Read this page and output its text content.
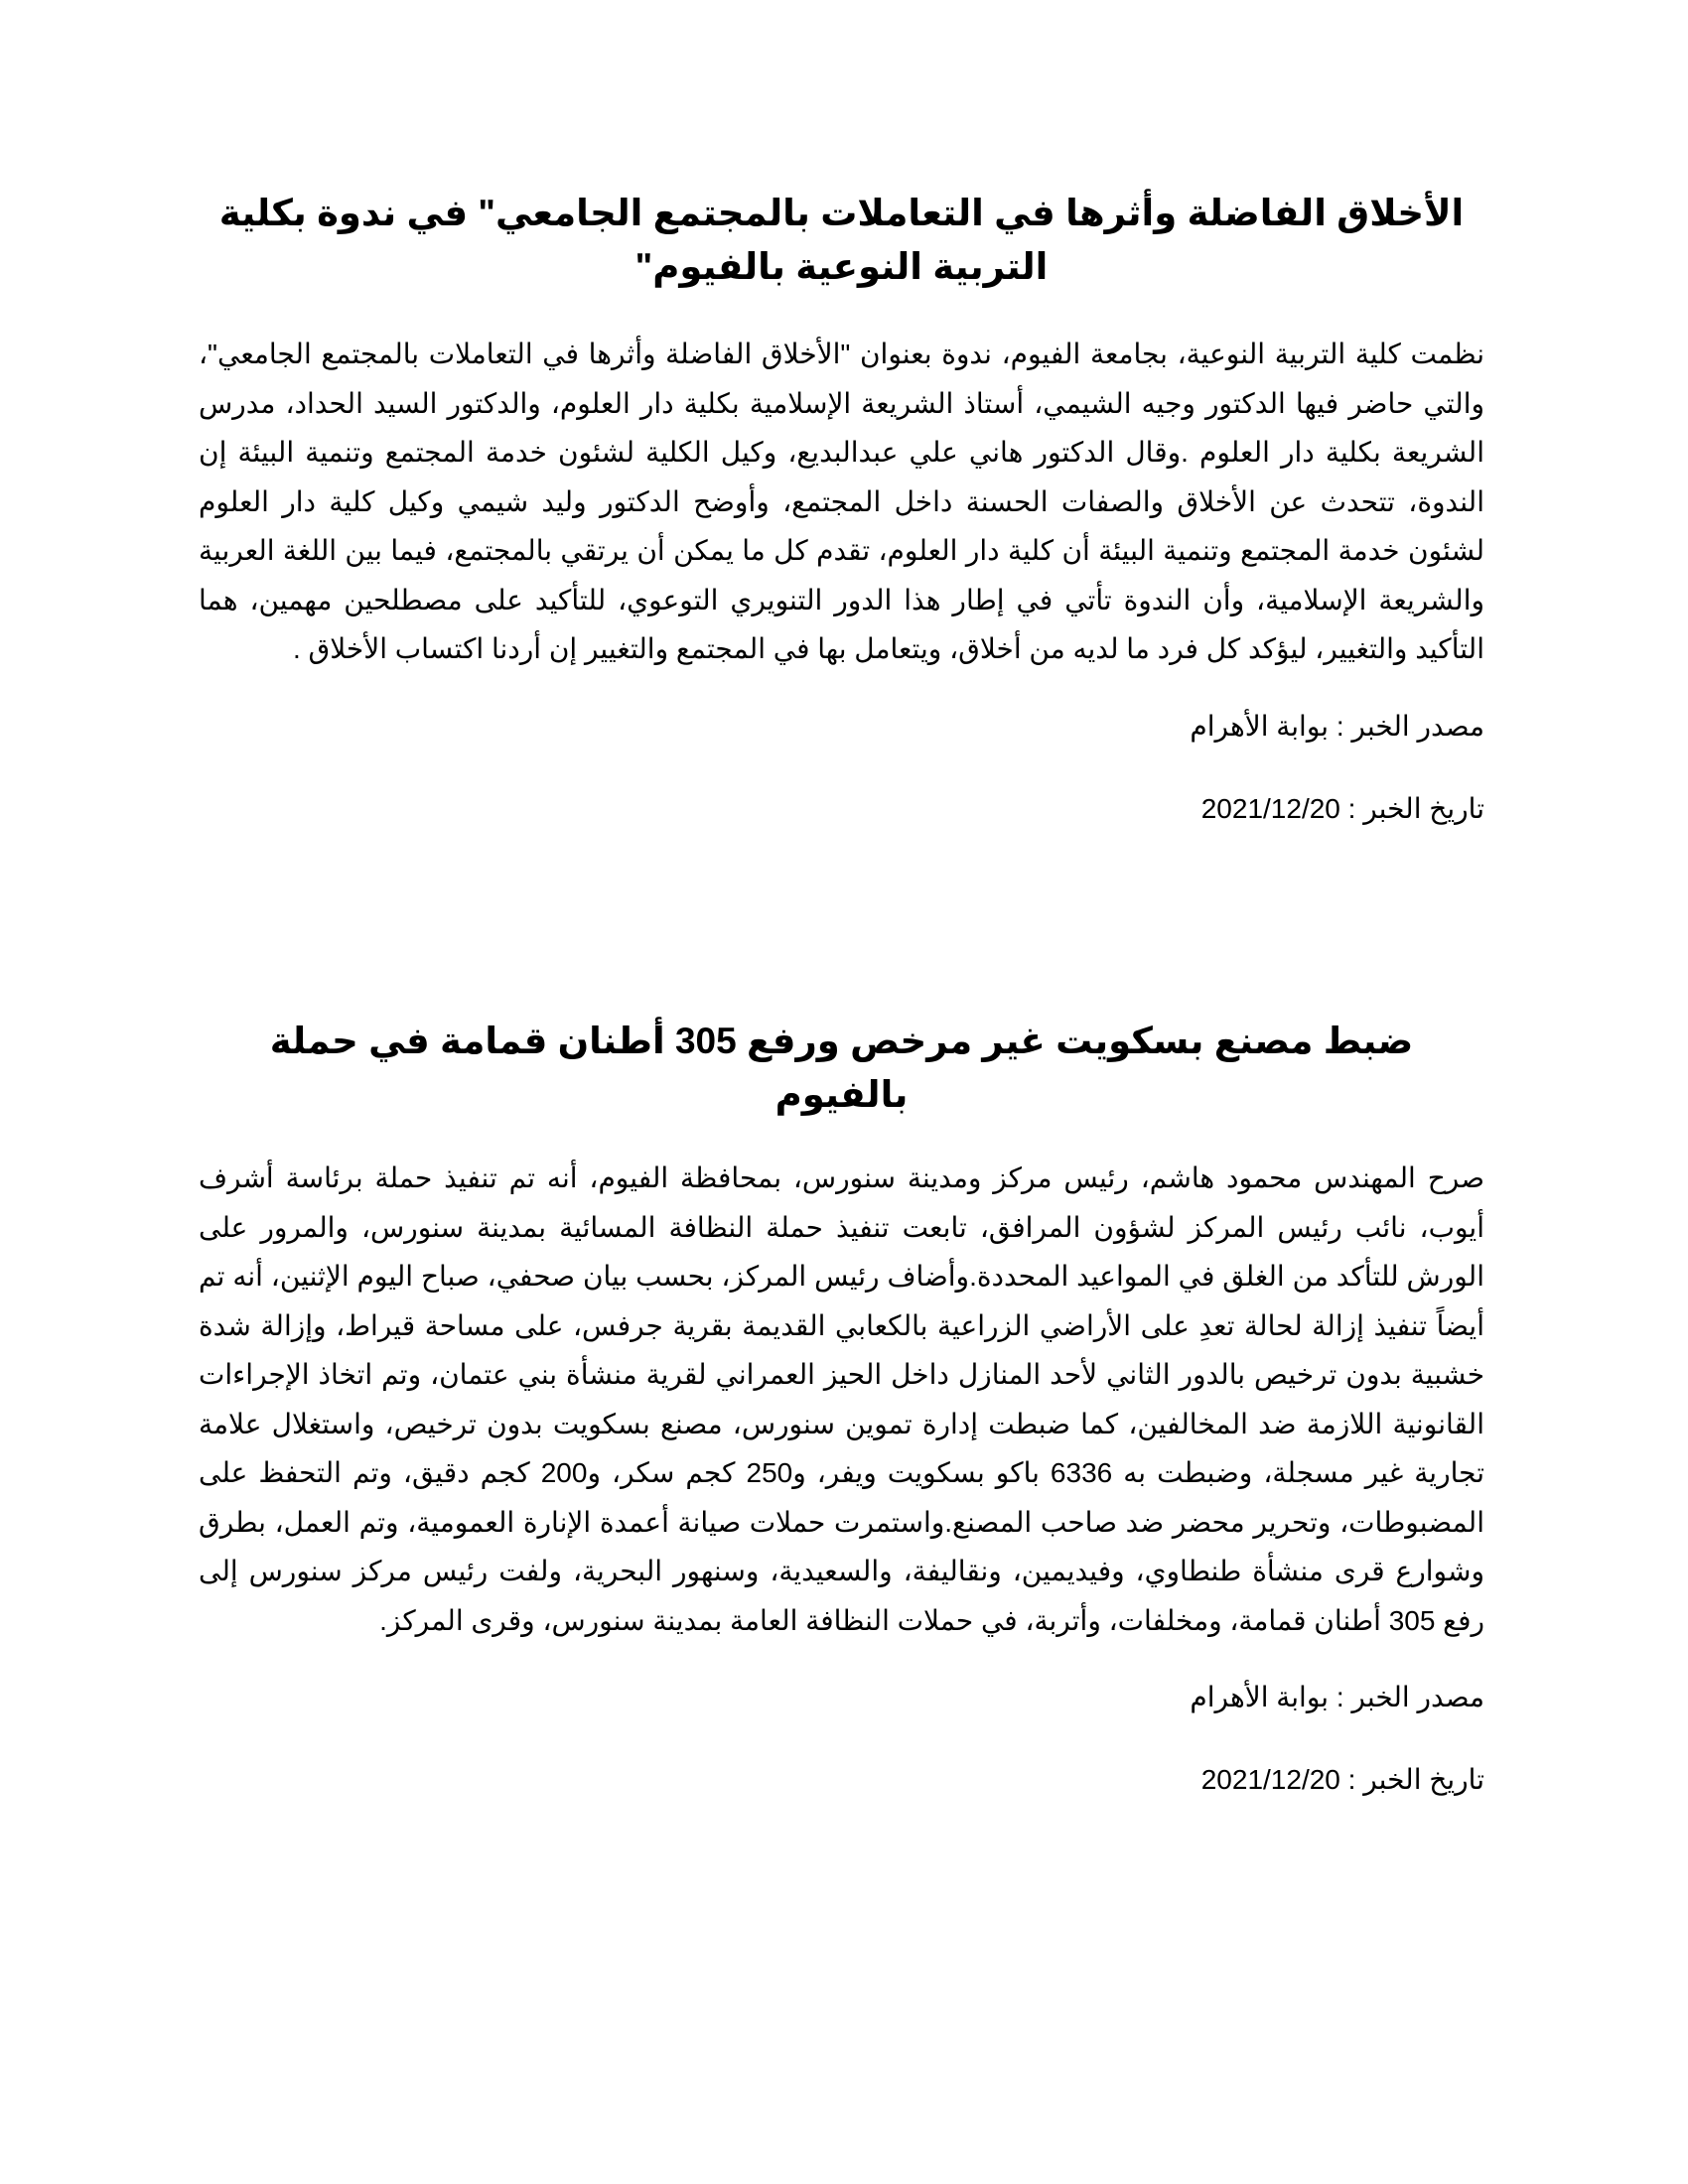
الأخلاق الفاضلة وأثرها في التعاملات بالمجتمع الجامعي" في ندوة بكلية التربية النوعية بالفيوم"

نظمت كلية التربية النوعية، بجامعة الفيوم، ندوة بعنوان "الأخلاق الفاضلة وأثرها في التعاملات بالمجتمع الجامعي"، والتي حاضر فيها الدكتور وجيه الشيمي، أستاذ الشريعة الإسلامية بكلية دار العلوم، والدكتور السيد الحداد، مدرس الشريعة بكلية دار العلوم .وقال الدكتور هاني علي عبدالبديع، وكيل الكلية لشئون خدمة المجتمع وتنمية البيئة إن الندوة، تتحدث عن الأخلاق والصفات الحسنة داخل المجتمع، وأوضح الدكتور وليد شيمي وكيل كلية دار العلوم لشئون خدمة المجتمع وتنمية البيئة أن كلية دار العلوم، تقدم كل ما يمكن أن يرتقي بالمجتمع، فيما بين اللغة العربية والشريعة الإسلامية، وأن الندوة تأتي في إطار هذا الدور التنويري التوعوي، للتأكيد على مصطلحين مهمين، هما التأكيد والتغيير، ليؤكد كل فرد ما لديه من أخلاق، ويتعامل بها في المجتمع والتغيير إن أردنا اكتساب الأخلاق .

مصدر الخبر : بوابة الأهرام

تاريخ الخبر : 2021/12/20

ضبط مصنع بسكويت غير مرخص ورفع 305 أطنان قمامة في حملة بالفيوم

صرح المهندس محمود هاشم، رئيس مركز ومدينة سنورس، بمحافظة الفيوم، أنه تم تنفيذ حملة برئاسة أشرف أيوب، نائب رئيس المركز لشؤون المرافق، تابعت تنفيذ حملة النظافة المسائية بمدينة سنورس، والمرور على الورش للتأكد من الغلق في المواعيد المحددة.وأضاف رئيس المركز، بحسب بيان صحفي، صباح اليوم الإثنين، أنه تم أيضاً تنفيذ إزالة لحالة تعدِ على الأراضي الزراعية بالكعابي القديمة بقرية جرفس، على مساحة قيراط، وإزالة شدة خشبية بدون ترخيص بالدور الثاني لأحد المنازل داخل الحيز العمراني لقرية منشأة بني عتمان، وتم اتخاذ الإجراءات القانونية اللازمة ضد المخالفين، كما ضبطت إدارة تموين سنورس، مصنع بسكويت بدون ترخيص، واستغلال علامة تجارية غير مسجلة، وضبطت به 6336 باكو بسكويت ويفر، و250 كجم سكر، و200 كجم دقيق، وتم التحفظ على المضبوطات، وتحرير محضر ضد صاحب المصنع.واستمرت حملات صيانة أعمدة الإنارة العمومية، وتم العمل، بطرق وشوارع قرى منشأة طنطاوي، وفيديمين، ونقاليفة، والسعيدية، وسنهور البحرية، ولفت رئيس مركز سنورس إلى رفع 305 أطنان قمامة، ومخلفات، وأتربة، في حملات النظافة العامة بمدينة سنورس، وقرى المركز.

مصدر الخبر : بوابة الأهرام

تاريخ الخبر : 2021/12/20
